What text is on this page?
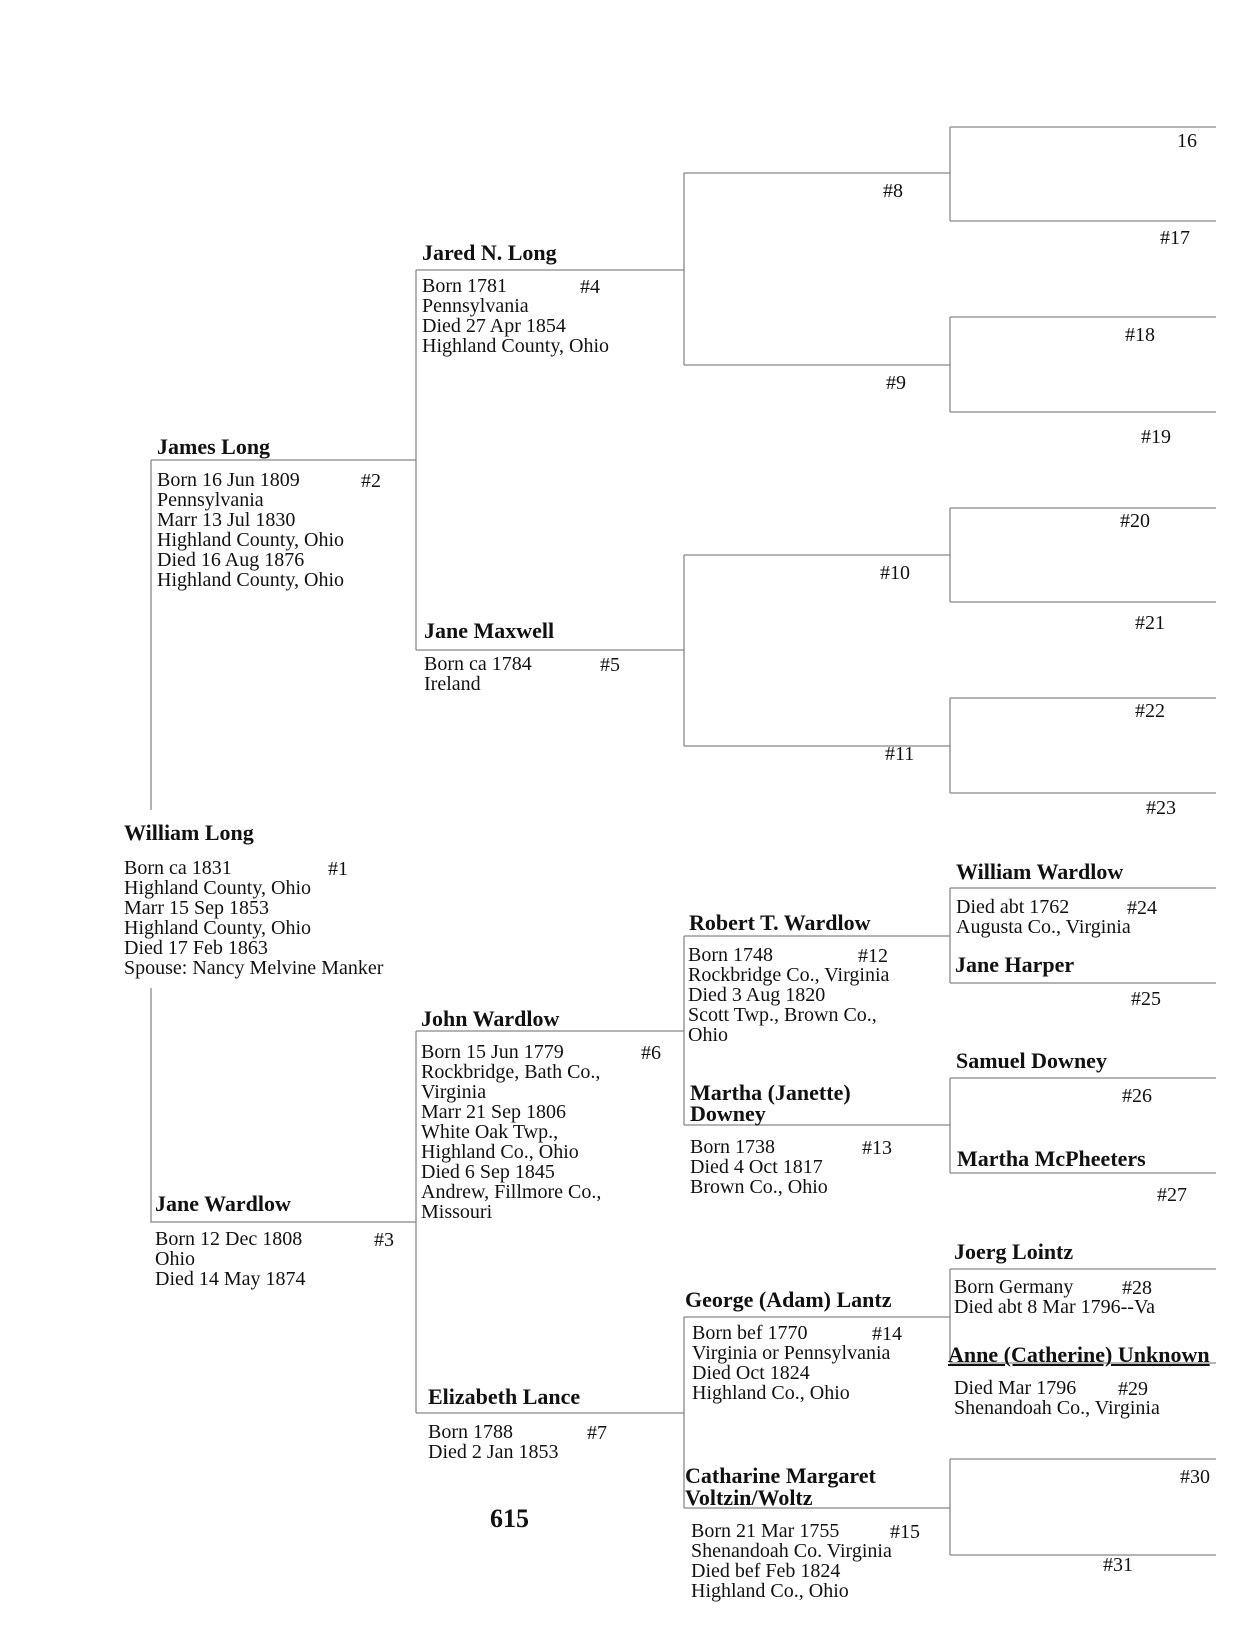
William Long
Born ca 1831
Highland County, Ohio
Marr 15 Sep 1853
Highland County, Ohio
Died 17 Feb 1863
Spouse: Nancy Melvine Manker
#1
James Long
Born 16 Jun 1809
Pennsylvania
Marr 13 Jul 1830
Highland County, Ohio
Died 16 Aug 1876
Highland County, Ohio
#2
Jane Wardlow
Born 12 Dec 1808
Ohio
Died 14 May 1874
#3
Jared N. Long
Born 1781
Pennsylvania
Died 27 Apr 1854
Highland County, Ohio
#4
Jane Maxwell
Born ca 1784
Ireland
#5
John Wardlow
Born 15 Jun 1779
Rockbridge, Bath Co.,
Virginia
Marr 21 Sep 1806
White Oak Twp.,
Highland Co., Ohio
Died 6 Sep 1845
Andrew, Fillmore Co.,
Missouri
#6
Elizabeth Lance
Born 1788
Died 2 Jan 1853
#7
Robert T. Wardlow
Born 1748
Rockbridge Co., Virginia
Died 3 Aug 1820
Scott Twp., Brown Co.,
Ohio
#12
Martha (Janette)
Downey
Born 1738
Died 4 Oct 1817
Brown Co., Ohio
#13
George (Adam) Lantz
Born bef 1770
Virginia or Pennsylvania
Died Oct 1824
Highland Co., Ohio
#14
Catharine Margaret
Voltzin/Woltz
Born 21 Mar 1755
Shenandoah Co. Virginia
Died bef Feb 1824
Highland Co., Ohio
#15
William Wardlow
Died abt 1762
Augusta Co., Virginia
#24
Jane Harper
#25
Samuel Downey
#26
Martha McPheeters
#27
Joerg Lointz
Born Germany
Died abt 8 Mar 1796--Va
#28
Anne (Catherine) Unknown
Died Mar 1796
Shenandoah Co., Virginia
#29
#8
#9
#10
#11
16
#17
#18
#19
#20
#21
#22
#23
#30
#31
615
